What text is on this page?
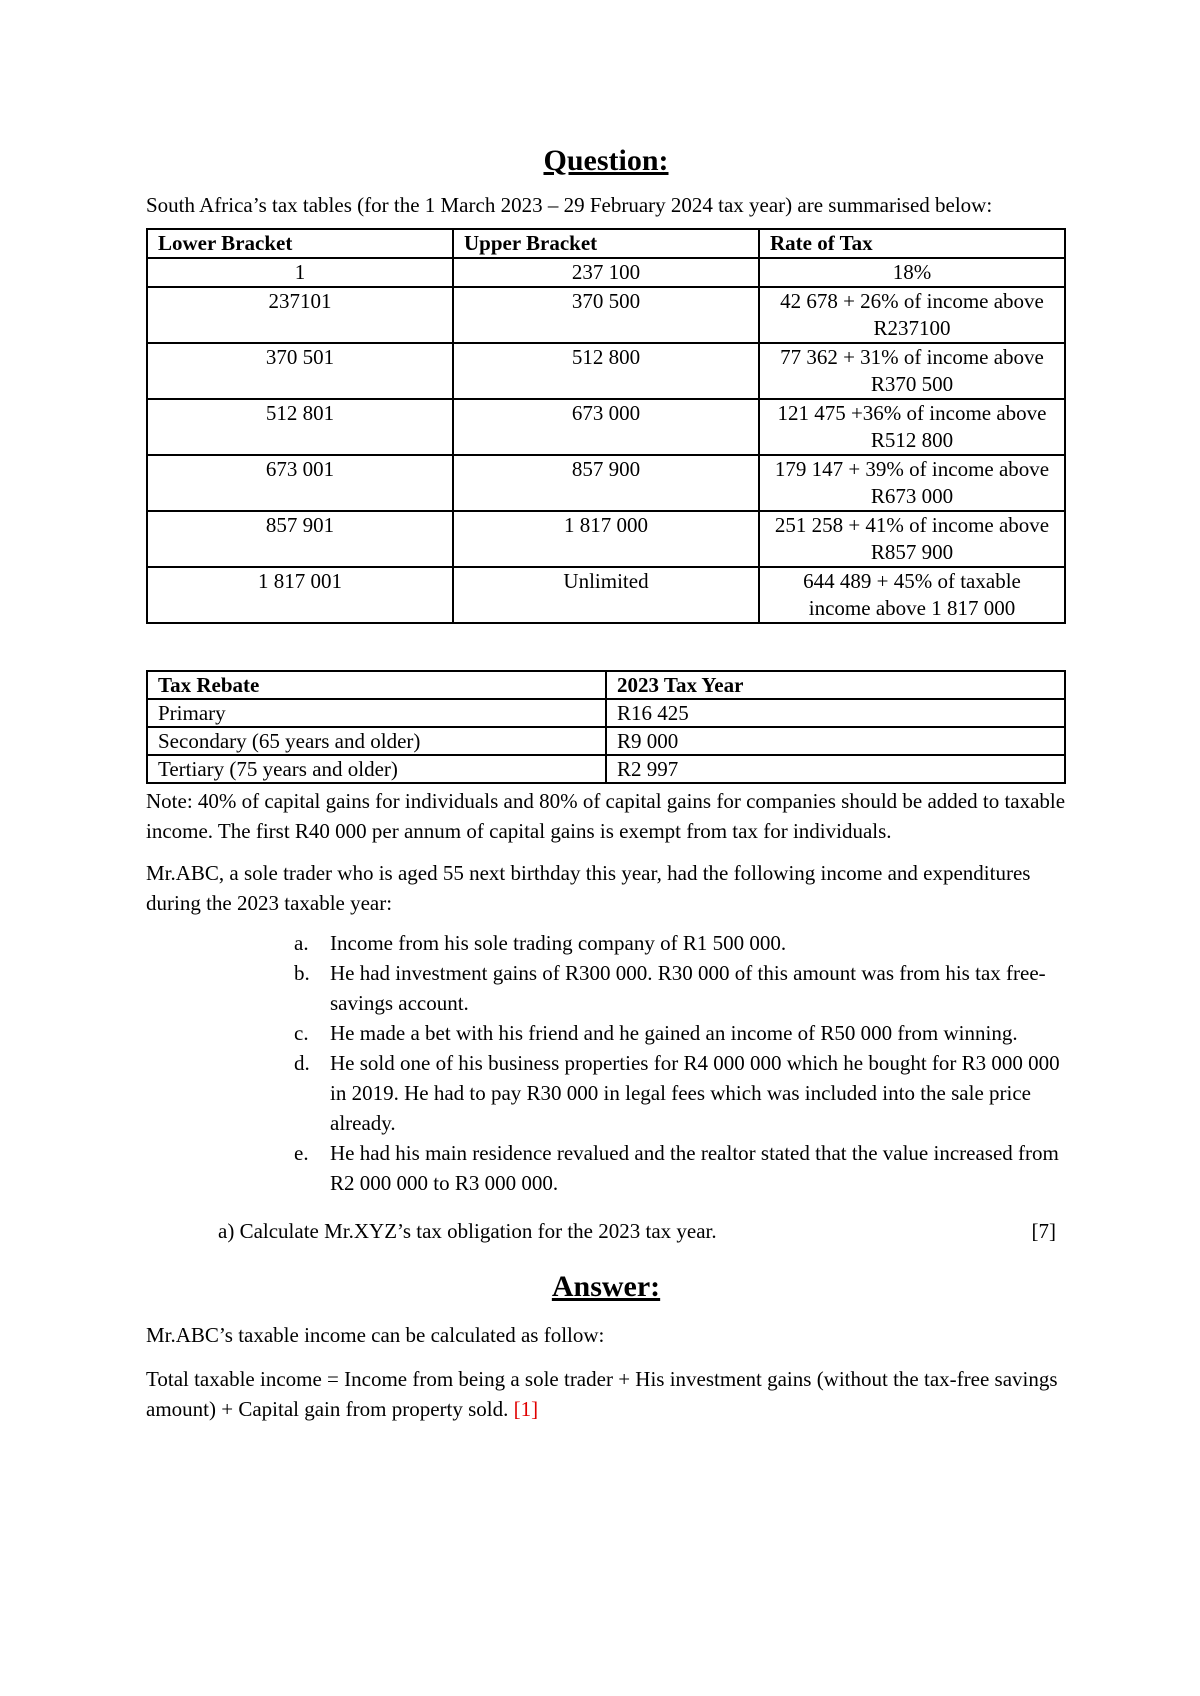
Question:

South Africa’s tax tables (for the 1 March 2023 – 29 February 2024 tax year) are summarised below:

Lower Bracket	Upper Bracket	Rate of Tax
1	237 100	18%
237101	370 500	42 678 + 26% of income above R237100
370 501	512 800	77 362 + 31% of income above R370 500
512 801	673 000	121 475 +36% of income above R512 800
673 001	857 900	179 147 + 39% of income above R673 000
857 901	1 817 000	251 258 + 41% of income above R857 900
1 817 001	Unlimited	644 489 + 45% of taxable income above 1 817 000
Tax Rebate	2023 Tax Year
Primary	R16 425
Secondary (65 years and older)	R9 000
Tertiary (75 years and older)	R2 997

Note: 40% of capital gains for individuals and 80% of capital gains for companies should be added to taxable income. The first R40 000 per annum of capital gains is exempt from tax for individuals.

Mr.ABC, a sole trader who is aged 55 next birthday this year, had the following income and expenditures during the 2023 taxable year:

a.	Income from his sole trading company of R1 500 000.
b. He had investment gains of R300 000. R30 000 of this amount was from his tax free-savings account.
c.	He made a bet with his friend and he gained an income of R50 000 from winning.
d. He sold one of his business properties for R4 000 000 which he bought for R3 000 000 in 2019. He had to pay R30 000 in legal fees which was included into the sale price already.
e.	He had his main residence revalued and the realtor stated that the value increased from R2 000 000 to R3 000 000.
a) Calculate Mr.XYZ’s tax obligation for the 2023 tax year.	[7]
Answer:

Mr.ABC’s taxable income can be calculated as follow:

Total taxable income = Income from being a sole trader + His investment gains (without the tax-free savings amount) + Capital gain from property sold. [1]
